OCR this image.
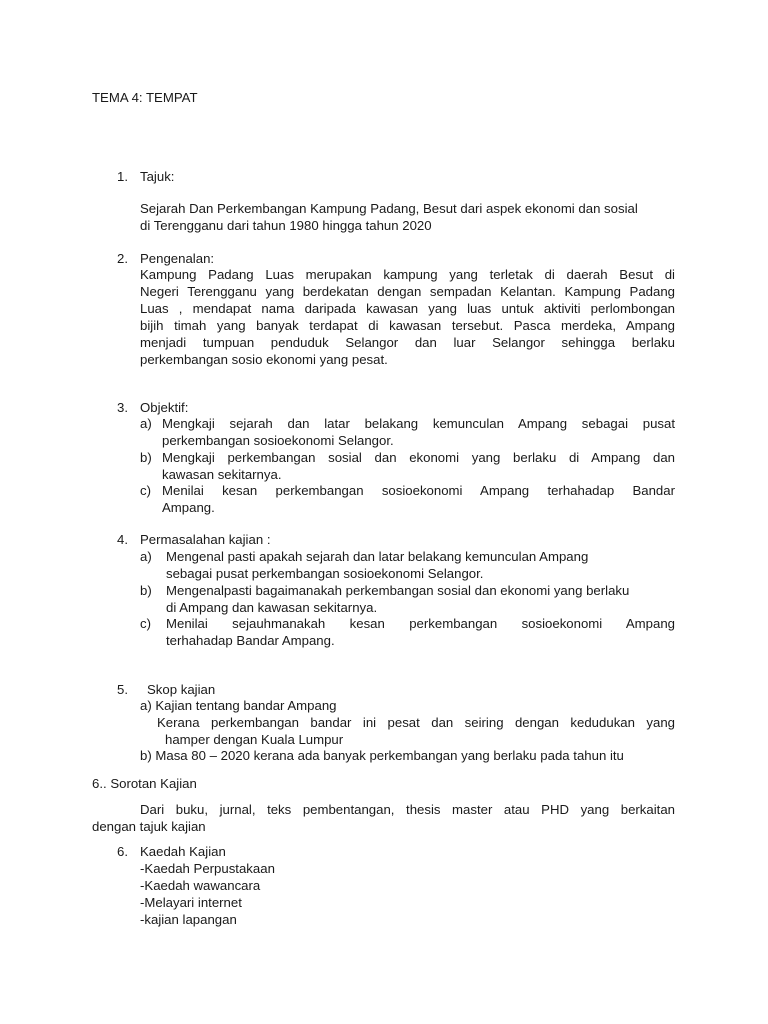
TEMA 4: TEMPAT
1. Tajuk:

Sejarah Dan Perkembangan Kampung Padang, Besut dari aspek ekonomi dan sosial

di Terengganu dari tahun 1980 hingga tahun 2020

2. Pengenalan:

Kampung Padang Luas merupakan kampung yang terletak di daerah Besut di

Negeri Terengganu yang berdekatan dengan sempadan Kelantan. Kampung Padang

Luas , mendapat nama daripada kawasan yang luas untuk aktiviti perlombongan

bijih timah yang banyak terdapat di kawasan tersebut. Pasca merdeka, Ampang

menjadi tumpuan penduduk Selangor dan luar Selangor sehingga berlaku

perkembangan sosio ekonomi yang pesat.

3. Objektif:
a) Mengkaji sejarah dan latar belakang kemunculan Ampang sebagai pusat

perkembangan sosioekonomi Selangor.

b) Mengkaji perkembangan sosial dan ekonomi yang berlaku di Ampang dan

kawasan sekitarnya.

c) Menilai kesan perkembangan sosioekonomi Ampang terhahadap Bandar

Ampang.

4. Permasalahan kajian :
a) Mengenal pasti apakah sejarah dan latar belakang kemunculan Ampang

sebagai pusat perkembangan sosioekonomi Selangor.

b) Mengenalpasti bagaimanakah perkembangan sosial dan ekonomi yang berlaku

di Ampang dan kawasan sekitarnya.

c) Menilai sejauhmanakah kesan perkembangan sosioekonomi Ampang

terhahadap Bandar Ampang.

5. Skop kajian
a) Kajian tentang bandar Ampang

Kerana perkembangan bandar ini pesat dan seiring dengan kedudukan yang

hamper dengan Kuala Lumpur

b) Masa 80 – 2020 kerana ada banyak perkembangan yang berlaku pada tahun itu
6.. Sorotan Kajian

Dari buku, jurnal, teks pembentangan, thesis master atau PHD yang berkaitan

dengan tajuk kajian

6. Kaedah Kajian

-Kaedah Perpustakaan

-Kaedah wawancara

-Melayari internet

-kajian lapangan
